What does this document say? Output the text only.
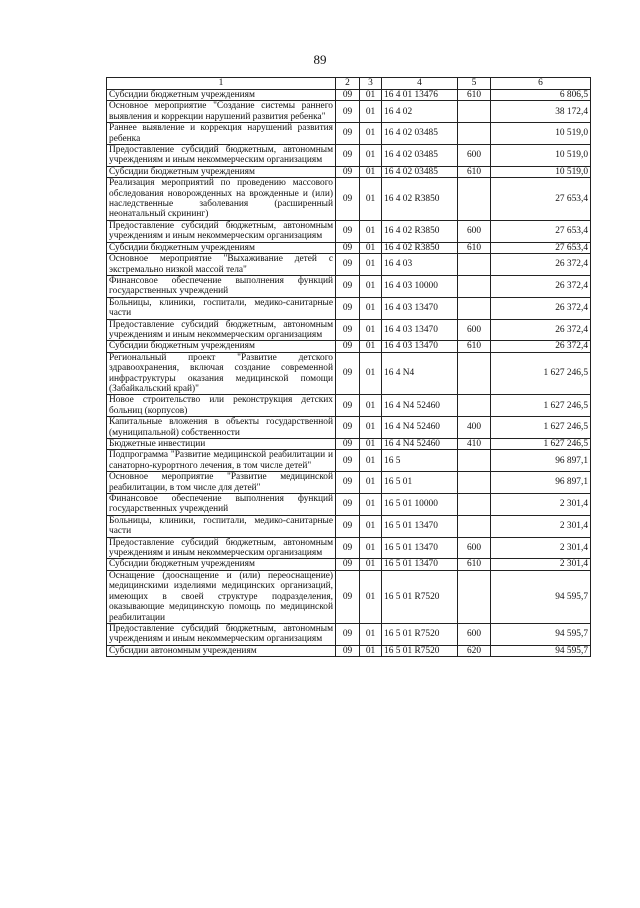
89
1	2	3	4	5	6
Субсидии бюджетным учреждениям	09	01	16 4 01 13476	610	6 806,5
Основное мероприятие "Создание системы раннего выявления и коррекции нарушений развития ребенка"	09	01	16 4 02		38 172,4
Раннее выявление и коррекция нарушений развития ребенка	09	01	16 4 02 03485		10 519,0
Предоставление субсидий бюджетным, автономным учреждениям и иным некоммерческим организациям	09	01	16 4 02 03485	600	10 519,0
Субсидии бюджетным учреждениям	09	01	16 4 02 03485	610	10 519,0
Реализация мероприятий по проведению массового обследования новорожденных на врожденные и (или) наследственные заболевания (расширенный неонатальный скрининг)	09	01	16 4 02 R3850		27 653,4
Предоставление субсидий бюджетным, автономным учреждениям и иным некоммерческим организациям	09	01	16 4 02 R3850	600	27 653,4
Субсидии бюджетным учреждениям	09	01	16 4 02 R3850	610	27 653,4
Основное мероприятие "Выхаживание детей с экстремально низкой массой тела"	09	01	16 4 03		26 372,4
Финансовое обеспечение выполнения функций государственных учреждений	09	01	16 4 03 10000		26 372,4
Больницы, клиники, госпитали, медико-санитарные части	09	01	16 4 03 13470		26 372,4
Предоставление субсидий бюджетным, автономным учреждениям и иным некоммерческим организациям	09	01	16 4 03 13470	600	26 372,4
Субсидии бюджетным учреждениям	09	01	16 4 03 13470	610	26 372,4
Региональный проект "Развитие детского здравоохранения, включая создание современной инфраструктуры оказания медицинской помощи (Забайкальский край)"	09	01	16 4 N4		1 627 246,5
Новое строительство или реконструкция детских больниц (корпусов)	09	01	16 4 N4 52460		1 627 246,5
Капитальные вложения в объекты государственной (муниципальной) собственности	09	01	16 4 N4 52460	400	1 627 246,5
Бюджетные инвестиции	09	01	16 4 N4 52460	410	1 627 246,5
Подпрограмма "Развитие медицинской реабилитации и санаторно-курортного лечения, в том числе детей"	09	01	16 5		96 897,1
Основное мероприятие "Развитие медицинской реабилитации, в том числе для детей"	09	01	16 5 01		96 897,1
Финансовое обеспечение выполнения функций государственных учреждений	09	01	16 5 01 10000		2 301,4
Больницы, клиники, госпитали, медико-санитарные части	09	01	16 5 01 13470		2 301,4
Предоставление субсидий бюджетным, автономным учреждениям и иным некоммерческим организациям	09	01	16 5 01 13470	600	2 301,4
Субсидии бюджетным учреждениям	09	01	16 5 01 13470	610	2 301,4
Оснащение (дооснащение и (или) переоснащение) медицинскими изделиями медицинских организаций, имеющих в своей структуре подразделения, оказывающие медицинскую помощь по медицинской реабилитации	09	01	16 5 01 R7520		94 595,7
Предоставление субсидий бюджетным, автономным учреждениям и иным некоммерческим организациям	09	01	16 5 01 R7520	600	94 595,7
Субсидии автономным учреждениям	09	01	16 5 01 R7520	620	94 595,7
